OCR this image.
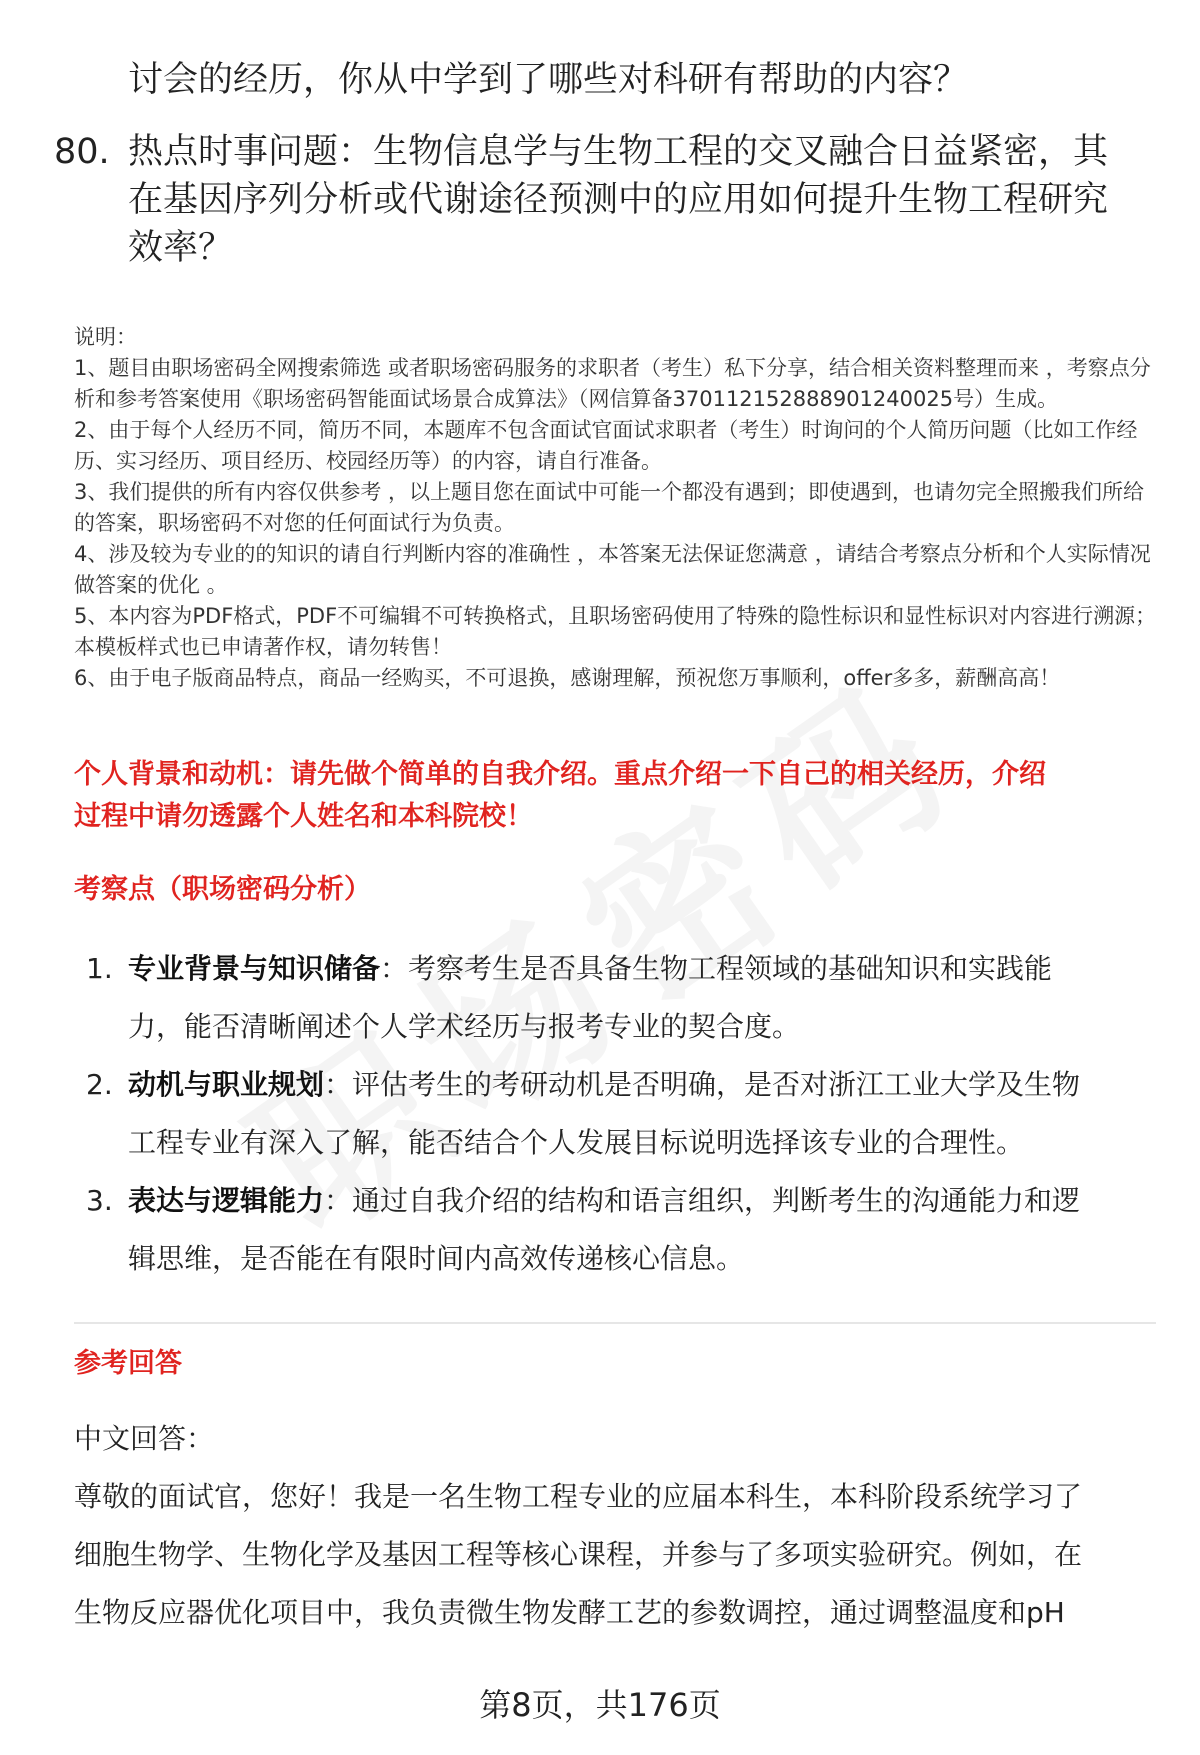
讨会的经历，你从中学到了哪些对科研有帮助的内容？
80. 热点时事问题：生物信息学与生物工程的交叉融合日益紧密，其
在基因序列分析或代谢途径预测中的应用如何提升生物工程研究
效率？

说明：

1、题目由职场密码全网搜索筛选 或者职场密码服务的求职者（考生）私下分享，结合相关资料整理而来 ，考察点分析和参考答案使用《职场密码智能面试场景合成算法》（网信算备370112152888901240025号）生成。

2、由于每个人经历不同，简历不同，本题库不包含面试官面试求职者（考生）时询问的个人简历问题（比如工作经历、实习经历、项目经历、校园经历等）的内容，请自行准备。

3、我们提供的所有内容仅供参考 ，以上题目您在面试中可能一个都没有遇到；即使遇到，也请勿完全照搬我们所给的答案，职场密码不对您的任何面试行为负责。

4、涉及较为专业的的知识的请自行判断内容的准确性 ，本答案无法保证您满意 ，请结合考察点分析和个人实际情况做答案的优化 。

5、本内容为PDF格式，PDF不可编辑不可转换格式，且职场密码使用了特殊的隐性标识和显性标识对内容进行溯源；本模板样式也已申请著作权，请勿转售！

6、由于电子版商品特点，商品一经购买，不可退换，感谢理解，预祝您万事顺利，offer多多，薪酬高高！

个人背景和动机：请先做个简单的自我介绍。重点介绍一下自己的相关经历，介绍
过程中请勿透露个人姓名和本科院校！
考察点（职场密码分析）
1. 专业背景与知识储备：考察考生是否具备生物工程领域的基础知识和实践能
力，能否清晰阐述个人学术经历与报考专业的契合度。
2. 动机与职业规划：评估考生的考研动机是否明确，是否对浙江工业大学及生物
工程专业有深入了解，能否结合个人发展目标说明选择该专业的合理性。
3. 表达与逻辑能力：通过自我介绍的结构和语言组织，判断考生的沟通能力和逻
辑思维，是否能在有限时间内高效传递核心信息。
参考回答
中文回答：
尊敬的面试官，您好！我是一名生物工程专业的应届本科生，本科阶段系统学习了
细胞生物学、生物化学及基因工程等核心课程，并参与了多项实验研究。例如，在
生物反应器优化项目中，我负责微生物发酵工艺的参数调控，通过调整温度和pH
第8页，共176页
